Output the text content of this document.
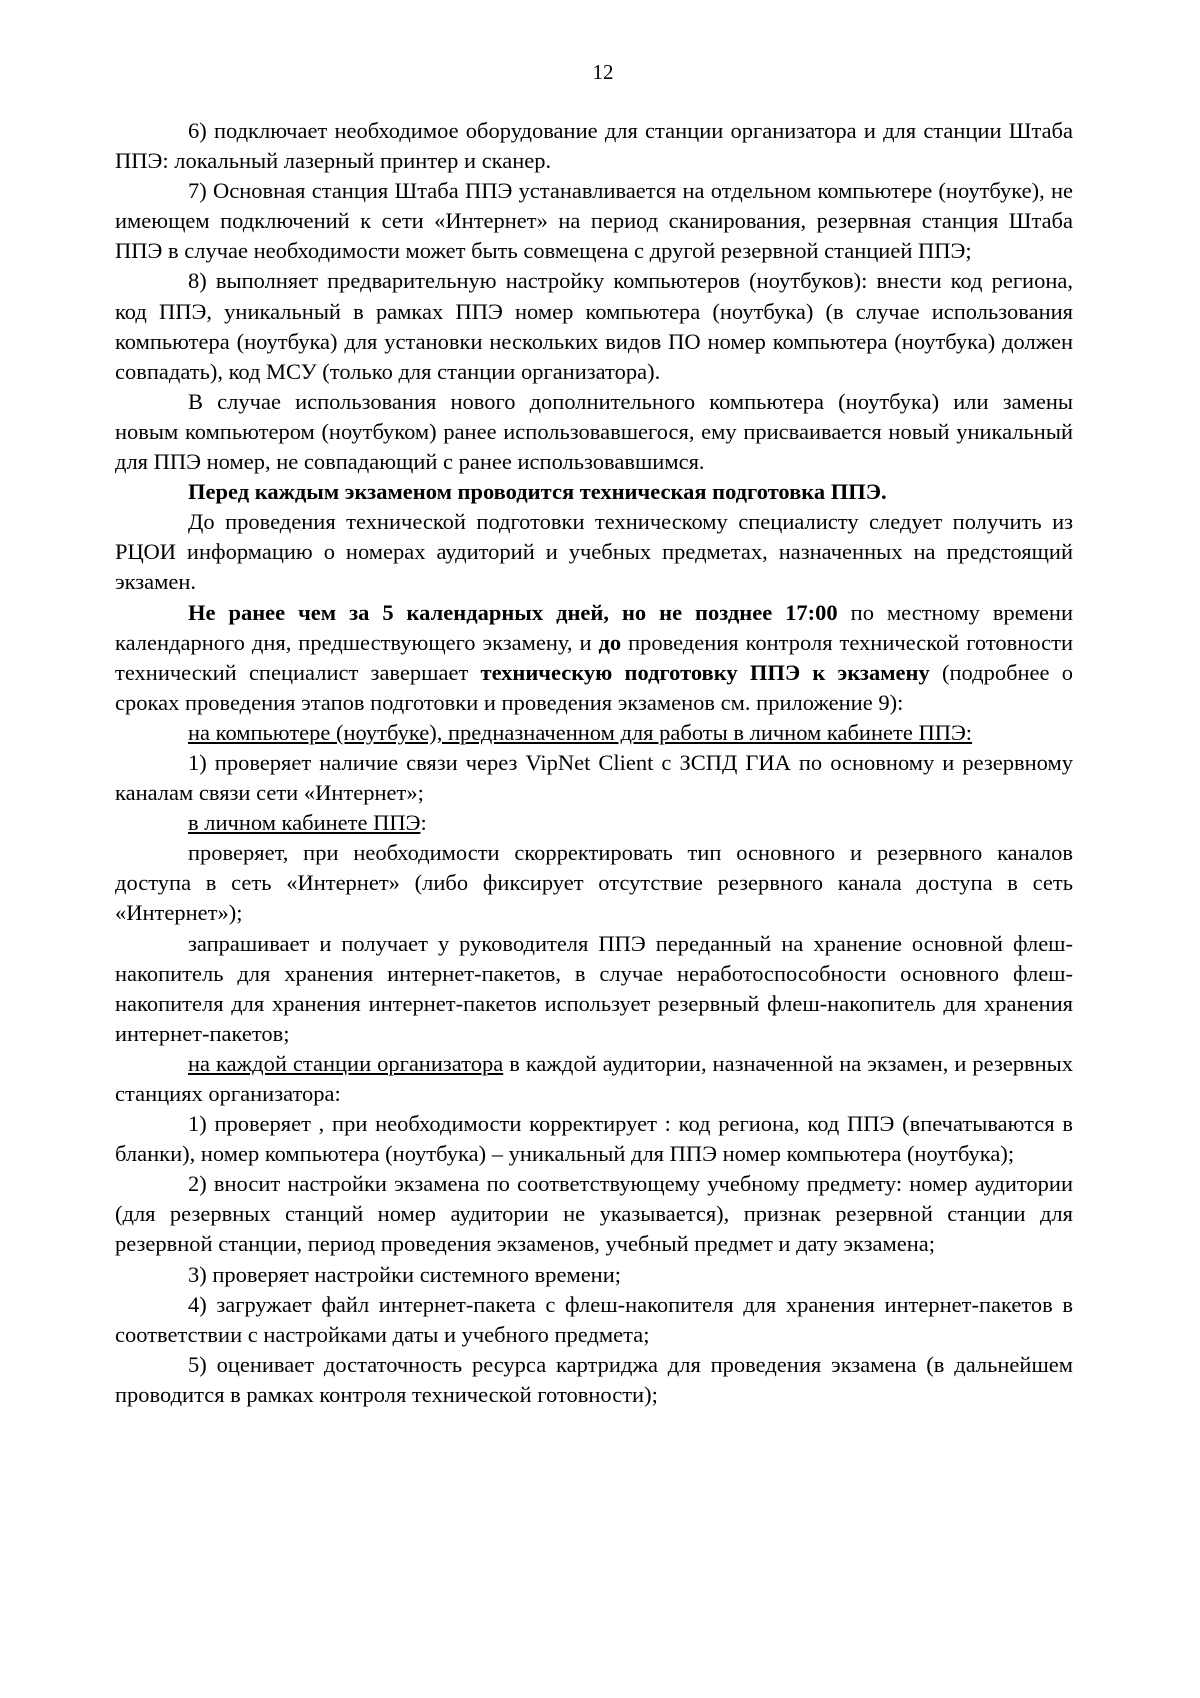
12

6) подключает необходимое оборудование для станции организатора и для станции Штаба ППЭ: локальный лазерный принтер и сканер.

7) Основная станция Штаба ППЭ устанавливается на отдельном компьютере (ноутбуке), не имеющем подключений к сети «Интернет» на период сканирования, резервная станция Штаба ППЭ в случае необходимости может быть совмещена с другой резервной станцией ППЭ;

8) выполняет предварительную настройку компьютеров (ноутбуков): внести код региона, код ППЭ, уникальный в рамках ППЭ номер компьютера (ноутбука) (в случае использования компьютера (ноутбука) для установки нескольких видов ПО номер компьютера (ноутбука) должен совпадать), код МСУ (только для станции организатора).

В случае использования нового дополнительного компьютера (ноутбука) или замены новым компьютером (ноутбуком) ранее использовавшегося, ему присваивается новый уникальный для ППЭ номер, не совпадающий с ранее использовавшимся.

Перед каждым экзаменом проводится техническая подготовка ППЭ.

До проведения технической подготовки техническому специалисту следует получить из РЦОИ информацию о номерах аудиторий и учебных предметах, назначенных на предстоящий экзамен.

Не ранее чем за 5 календарных дней, но не позднее 17:00 по местному времени календарного дня, предшествующего экзамену, и до проведения контроля технической готовности технический специалист завершает техническую подготовку ППЭ к экзамену (подробнее о сроках проведения этапов подготовки и проведения экзаменов см. приложение 9):

на компьютере (ноутбуке), предназначенном для работы в личном кабинете ППЭ:

1) проверяет наличие связи через VipNet Client с ЗСПД ГИА по основному и резервному каналам связи сети «Интернет»;

в личном кабинете ППЭ:

проверяет, при необходимости скорректировать тип основного и резервного каналов доступа в сеть «Интернет» (либо фиксирует отсутствие резервного канала доступа в сеть «Интернет»);

запрашивает и получает у руководителя ППЭ переданный на хранение основной флеш-накопитель для хранения интернет-пакетов, в случае неработоспособности основного флеш-накопителя для хранения интернет-пакетов использует резервный флеш-накопитель для хранения интернет-пакетов;

на каждой станции организатора в каждой аудитории, назначенной на экзамен, и резервных станциях организатора:

1) проверяет , при необходимости корректирует : код региона, код ППЭ (впечатываются в бланки), номер компьютера (ноутбука) – уникальный для ППЭ номер компьютера (ноутбука);

2) вносит настройки экзамена по соответствующему учебному предмету: номер аудитории (для резервных станций номер аудитории не указывается), признак резервной станции для резервной станции, период проведения экзаменов, учебный предмет и дату экзамена;

3) проверяет настройки системного времени;

4) загружает файл интернет-пакета с флеш-накопителя для хранения интернет-пакетов в соответствии с настройками даты и учебного предмета;

5) оценивает достаточность ресурса картриджа для проведения экзамена (в дальнейшем проводится в рамках контроля технической готовности);
